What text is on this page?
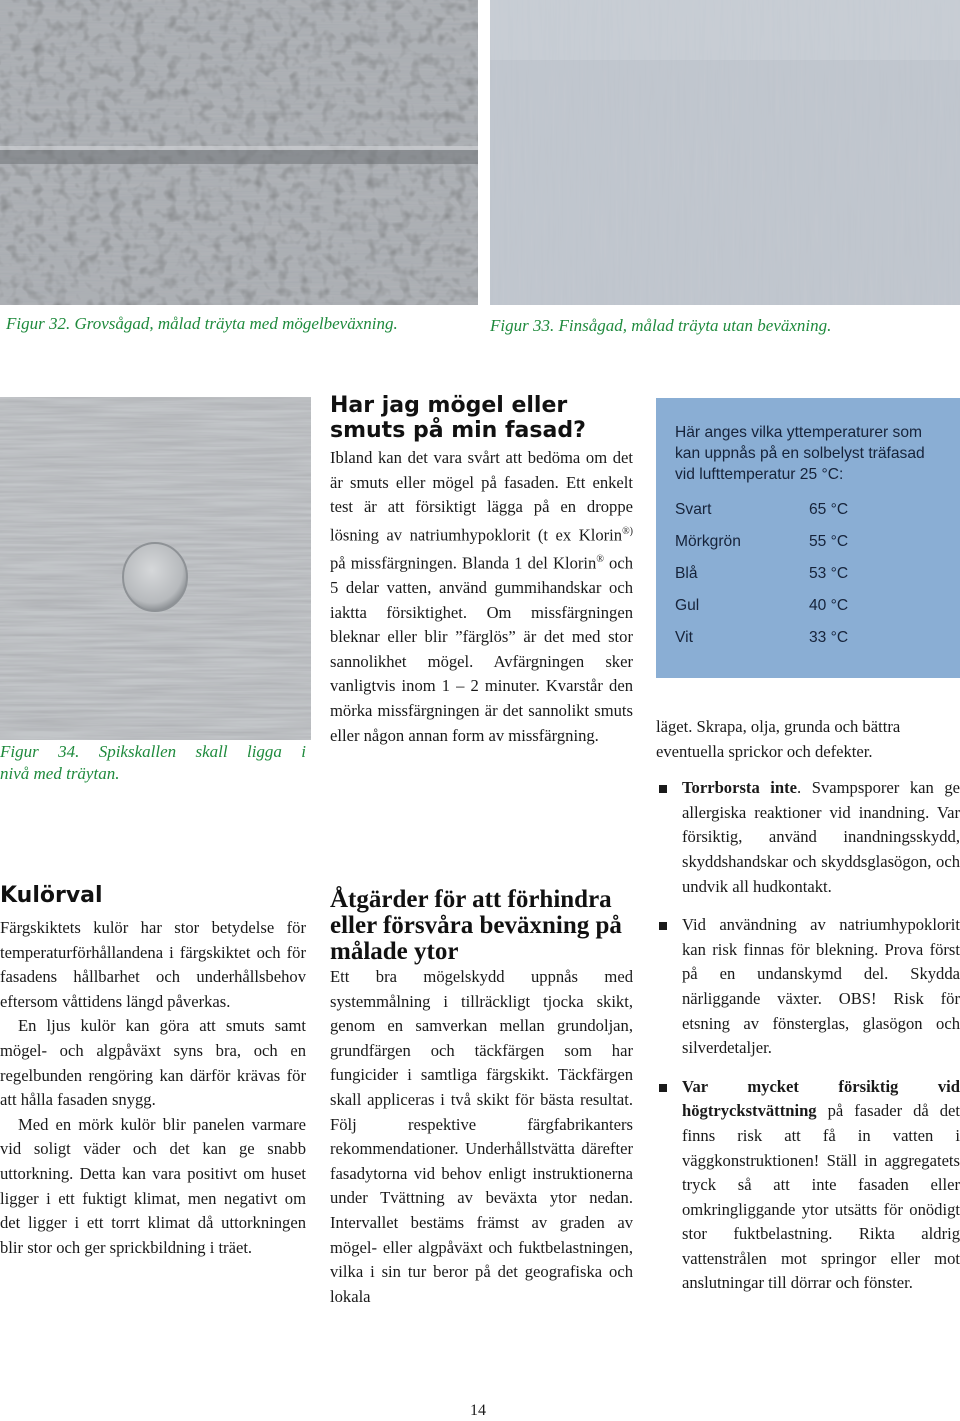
Figur 32. Grovsågad, målad träyta med mögelbeväxning.	Figur 33. Finsågad, målad träyta utan beväxning.
Figur 34. Spikskallen skall ligga i
nivå med träytan.
Kulörval

Färgskiktets kulör har stor betydelse för temperaturförhållandena i färgskiktet och för fasadens hållbarhet och underhållsbehov eftersom våttidens längd påverkas.

En ljus kulör kan göra att smuts samt mögel- och algpåväxt syns bra, och en regelbunden rengöring kan därför krävas för att hålla fasaden snygg.

Med en mörk kulör blir panelen varmare vid soligt väder och det kan ge snabb uttorkning. Detta kan vara positivt om huset ligger i ett fuktigt klimat, men negativt om det ligger i ett torrt klimat då uttorkningen blir stor och ger sprickbildning i träet.

Har jag mögel eller smuts på min fasad?

Ibland kan det vara svårt att bedöma om det är smuts eller mögel på fasaden. Ett enkelt test är att försiktigt lägga på en droppe lösning av natriumhypoklorit (t ex Klorin®) på missfärgningen. Blanda 1 del Klorin® och 5 delar vatten, använd gummihandskar och iaktta försiktighet. Om missfärgningen bleknar eller blir ”färglös” är det med stor sannolikhet mögel. Avfärgningen sker vanligtvis inom 1 – 2 minuter. Kvarstår den mörka missfärgningen är det sannolikt smuts eller någon annan form av missfärgning.

Åtgärder för att förhindra eller försvåra beväxning på målade ytor

Ett bra mögelskydd uppnås med systemmålning i tillräckligt tjocka skikt, genom en samverkan mellan grundoljan, grundfärgen och täckfärgen som har fungicider i samtliga färgskikt. Täckfärgen skall appliceras i två skikt för bästa resultat. Följ respektive färgfabrikanters rekommendationer. Underhållstvätta därefter fasadytorna vid behov enligt instruktionerna under Tvättning av beväxta ytor nedan. Intervallet bestäms främst av graden av mögel- eller algpåväxt och fuktbelastningen, vilka i sin tur beror på det geografiska och lokala

Här anges vilka yttemperaturer som kan uppnås på en solbelyst träfasad vid lufttemperatur 25 °C:

Svart	65 °C
Mörkgrön	55 °C
Blå	53 °C
Gul	40 °C
Vit	33 °C

läget. Skrapa, olja, grunda och bättra eventuella sprickor och defekter.

Torrborsta inte. Svampsporer kan ge allergiska reaktioner vid inandning. Var försiktig, använd inandningsskydd, skyddshandskar och skyddsglasögon, och undvik all hudkontakt.
Vid användning av natriumhypoklorit kan risk finnas för blekning. Prova först på en undanskymd del. Skydda närliggande växter. OBS! Risk för etsning av fönsterglas, glasögon och silverdetaljer.
Var mycket försiktig vid högtryckstvättning på fasader då det finns risk att få in vatten i väggkonstruktionen! Ställ in aggregatets tryck så att inte fasaden eller omkringliggande ytor utsätts för onödigt stor fuktbelastning. Rikta aldrig vattenstrålen mot springor eller mot anslutningar till dörrar och fönster.
14
